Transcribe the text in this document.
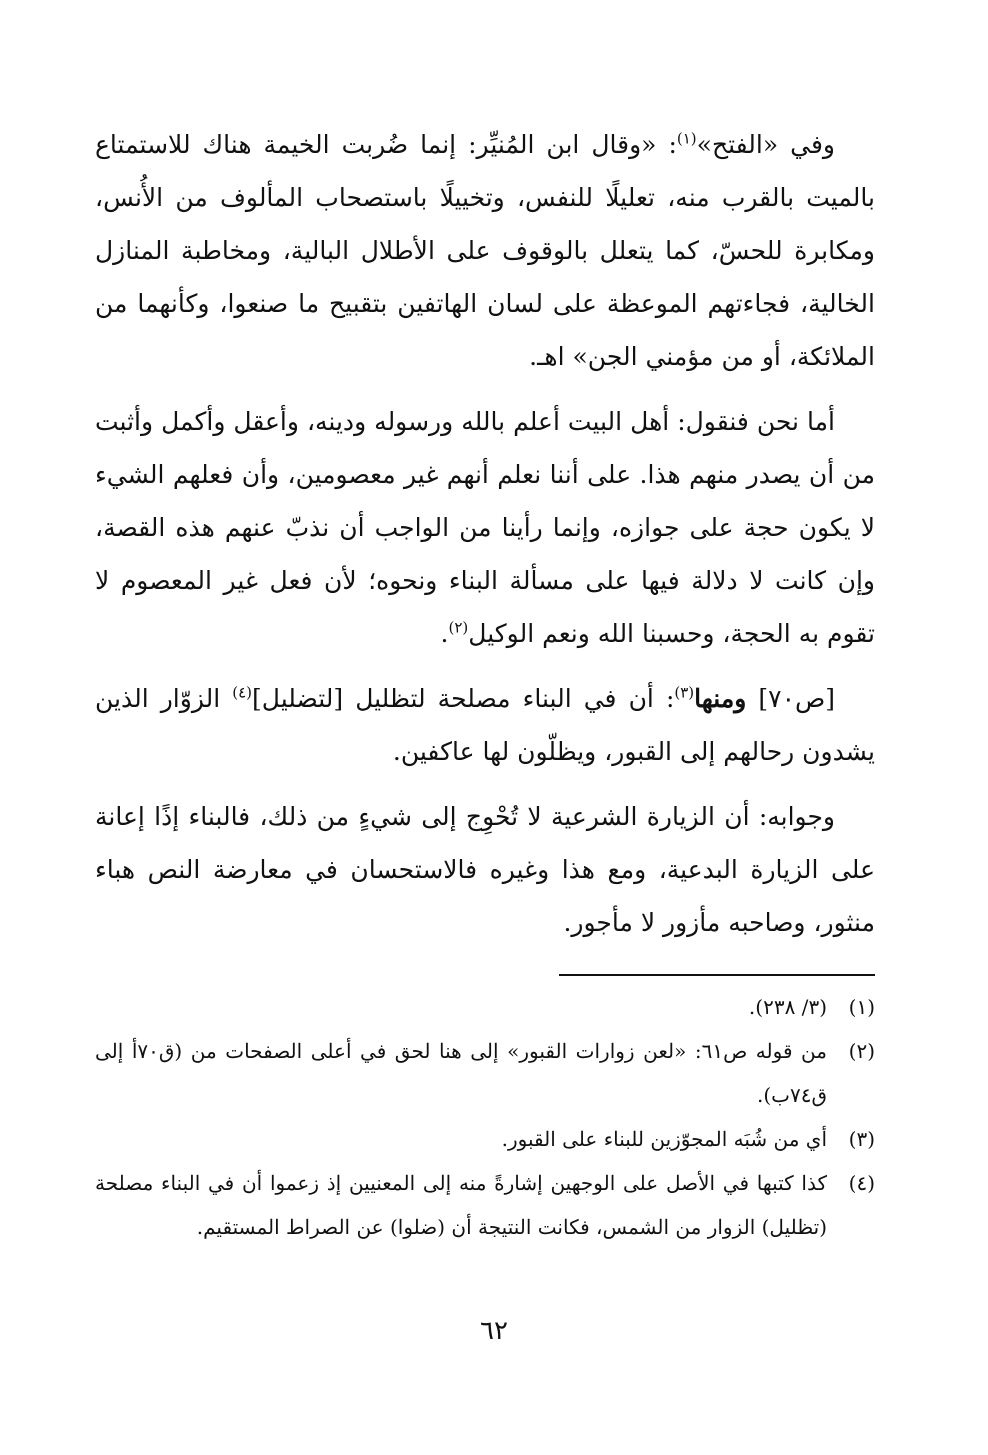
وفي «الفتح»$^{(١)}$: «وقال ابن المُنيِّر: إنما ضُربت الخيمة هناك للاستمتاع بالميت بالقرب منه، تعليلًا للنفس، وتخييلًا باستصحاب المألوف من الأُنس، ومكابرة للحسّ، كما يتعلل بالوقوف على الأطلال البالية، ومخاطبة المنازل الخالية، فجاءتهم الموعظة على لسان الهاتفين بتقبيح ما صنعوا، وكأنهما من الملائكة، أو من مؤمني الجن» اهـ.

أما نحن فنقول: أهل البيت أعلم بالله ورسوله ودينه، وأعقل وأكمل وأثبت من أن يصدر منهم هذا. على أننا نعلم أنهم غير معصومين، وأن فعلهم الشيء لا يكون حجة على جوازه، وإنما رأينا من الواجب أن نذبّ عنهم هذه القصة، وإن كانت لا دلالة فيها على مسألة البناء ونحوه؛ لأن فعل غير المعصوم لا تقوم به الحجة، وحسبنا الله ونعم الوكيل$^{(٢)}$.

[ص٧٠] ومنها$^{(٣)}$: أن في البناء مصلحة لتظليل [لتضليل]$^{(٤)}$ الزوّار الذين يشدون رحالهم إلى القبور، ويظلّون لها عاكفين.

وجوابه: أن الزيارة الشرعية لا تُحْوِج إلى شيءٍ من ذلك، فالبناء إذًا إعانة على الزيارة البدعية، ومع هذا وغيره فالاستحسان في معارضة النص هباء منثور، وصاحبه مأزور لا مأجور.

(١)
(٣/ ٢٣٨).
(٢)
من قوله ص٦١: «لعن زوارات القبور» إلى هنا لحق في أعلى الصفحات من (ق٧٠أ إلى ق٧٤ب).
(٣)
أي من شُبَه المجوّزين للبناء على القبور.
(٤)
كذا كتبها في الأصل على الوجهين إشارةً منه إلى المعنيين إذ زعموا أن في البناء مصلحة (تظليل) الزوار من الشمس، فكانت النتيجة أن (ضلوا) عن الصراط المستقيم.
٦٢
